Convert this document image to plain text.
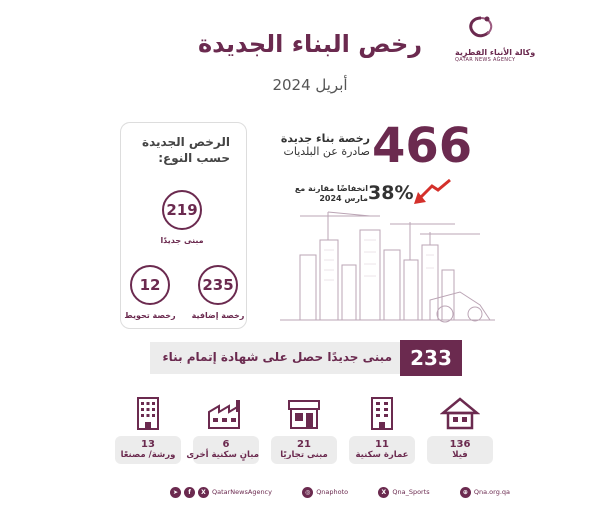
وكالة الأنباء القطرية
QATAR NEWS AGENCY
رخص البناء الجديدة
أبريل 2024
الرخص الجديدة
حسب النوع:
219
مبنى جديدًا
235
رخصة إضافية
12
رخصة تحويط
466
رخصة بناء جديدة
صادرة عن البلديات
38%
انخفاضًا مقارنة مع
مارس 2024
233
مبنى جديدًا حصل على شهادة إتمام بناء
136
فيلا
11
عمارة سكنية
21
مبنى تجاريًا
6
مبانٍ سكنية أخرى
13
ورشة/ مصنعًا
➤	f	X QatarNewsAgency	◎ Qnaphoto	X Qna_Sports	⊕ Qna.org.qa
